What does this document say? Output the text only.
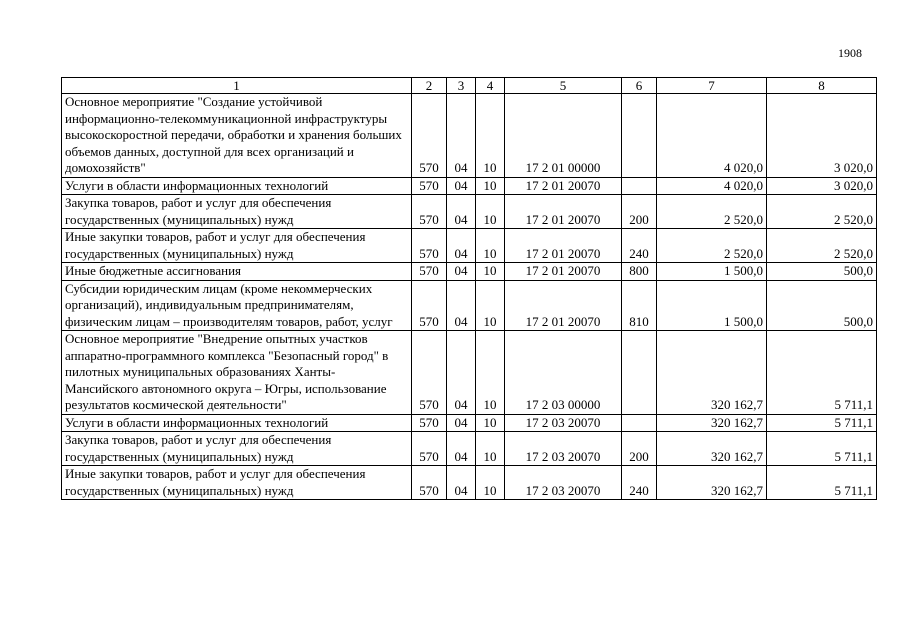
1908
1	2	3	4	5	6	7	8
Основное мероприятие "Создание устойчивой информационно-телекоммуникационной инфраструктуры высокоскоростной передачи, обработки и хранения больших объемов данных, доступной для всех организаций и домохозяйств"	570	04	10	17 2 01 00000		4 020,0	3 020,0
Услуги в области информационных технологий	570	04	10	17 2 01 20070		4 020,0	3 020,0
Закупка товаров, работ и услуг для обеспечения государственных (муниципальных) нужд	570	04	10	17 2 01 20070	200	2 520,0	2 520,0
Иные закупки товаров, работ и услуг для обеспечения государственных (муниципальных) нужд	570	04	10	17 2 01 20070	240	2 520,0	2 520,0
Иные бюджетные ассигнования	570	04	10	17 2 01 20070	800	1 500,0	500,0
Субсидии юридическим лицам (кроме некоммерческих организаций), индивидуальным предпринимателям, физическим лицам – производителям товаров, работ, услуг	570	04	10	17 2 01 20070	810	1 500,0	500,0
Основное мероприятие "Внедрение опытных участков аппаратно-программного комплекса "Безопасный город" в пилотных муниципальных образованиях Ханты-Мансийского автономного округа – Югры, использование результатов космической деятельности"	570	04	10	17 2 03 00000		320 162,7	5 711,1
Услуги в области информационных технологий	570	04	10	17 2 03 20070		320 162,7	5 711,1
Закупка товаров, работ и услуг для обеспечения государственных (муниципальных) нужд	570	04	10	17 2 03 20070	200	320 162,7	5 711,1
Иные закупки товаров, работ и услуг для обеспечения государственных (муниципальных) нужд	570	04	10	17 2 03 20070	240	320 162,7	5 711,1
